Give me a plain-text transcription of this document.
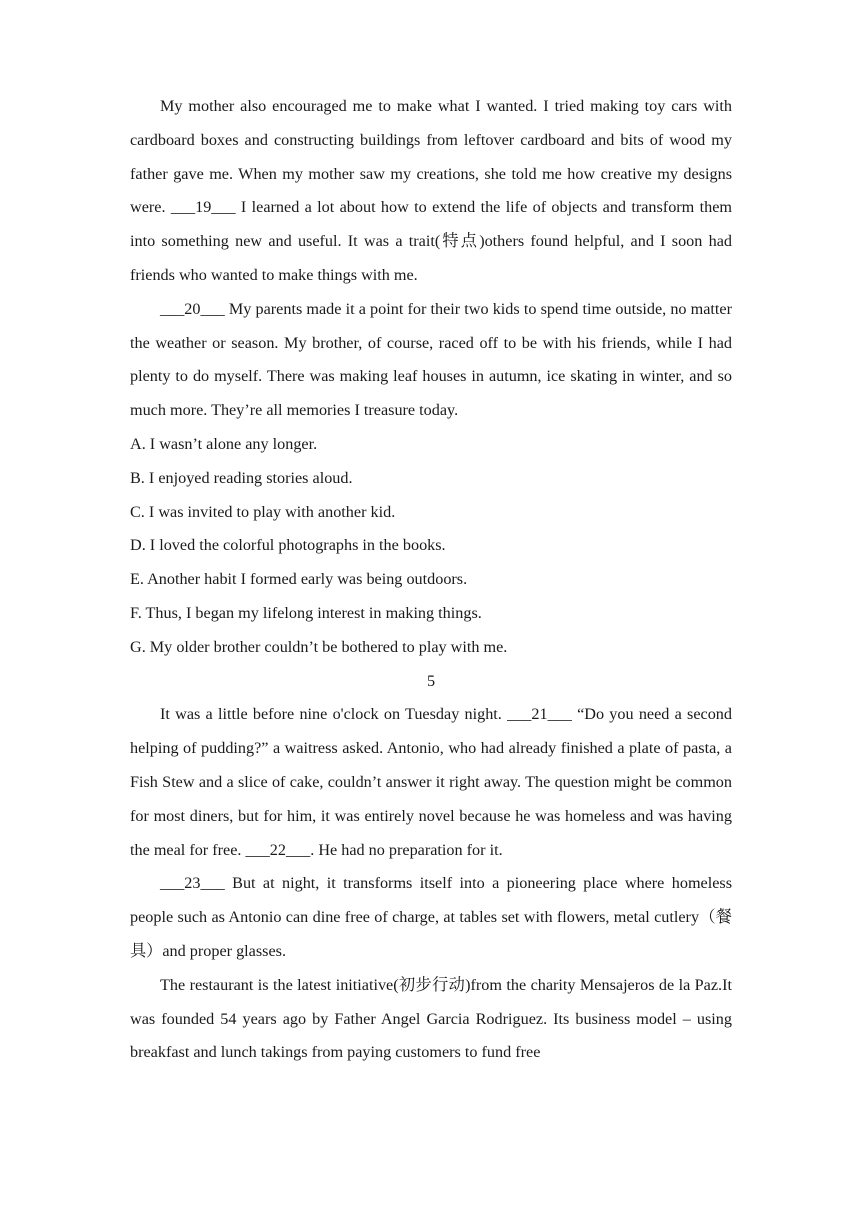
My mother also encouraged me to make what I wanted. I tried making toy cars with cardboard boxes and constructing buildings from leftover cardboard and bits of wood my father gave me. When my mother saw my creations, she told me how creative my designs were. ___19___ I learned a lot about how to extend the life of objects and transform them into something new and useful. It was a trait(特点)others found helpful, and I soon had friends who wanted to make things with me.

___20___ My parents made it a point for their two kids to spend time outside, no matter the weather or season. My brother, of course, raced off to be with his friends, while I had plenty to do myself. There was making leaf houses in autumn, ice skating in winter, and so much more. They’re all memories I treasure today.

A. I wasn’t alone any longer.

B. I enjoyed reading stories aloud.

C. I was invited to play with another kid.

D. I loved the colorful photographs in the books.

E. Another habit I formed early was being outdoors.

F. Thus, I began my lifelong interest in making things.

G. My older brother couldn’t be bothered to play with me.

5

It was a little before nine o'clock on Tuesday night. ___21___ “Do you need a second helping of pudding?” a waitress asked. Antonio, who had already finished a plate of pasta, a Fish Stew and a slice of cake, couldn’t answer it right away. The question might be common for most diners, but for him, it was entirely novel because he was homeless and was having the meal for free. ___22___. He had no preparation for it.

___23___ But at night, it transforms itself into a pioneering place where homeless people such as Antonio can dine free of charge, at tables set with flowers, metal cutlery（餐具）and proper glasses.

The restaurant is the latest initiative(初步行动)from the charity Mensajeros de la Paz.It was founded 54 years ago by Father Angel Garcia Rodriguez. Its business model – using breakfast and lunch takings from paying customers to fund free
